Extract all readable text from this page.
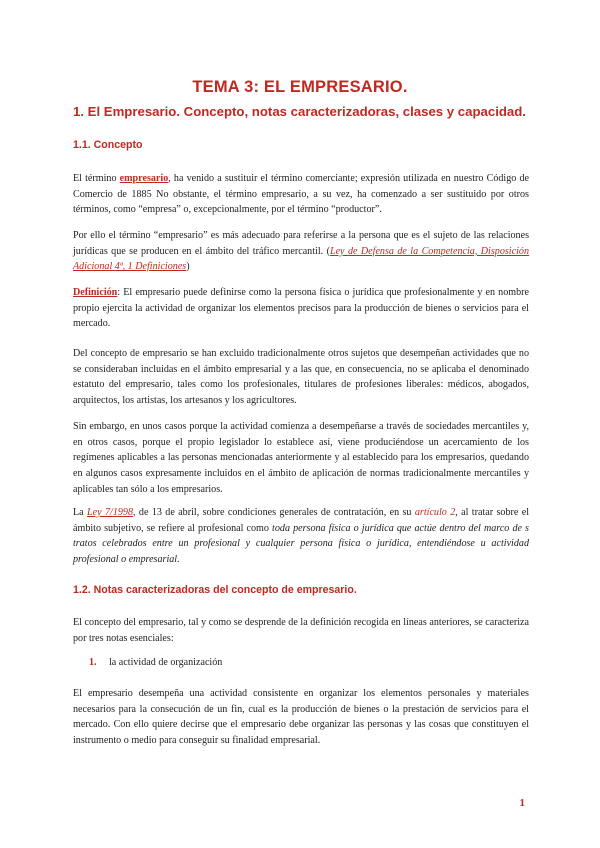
TEMA 3: EL EMPRESARIO.
1. El Empresario. Concepto, notas caracterizadoras, clases y capacidad.
1.1. Concepto
El término empresario, ha venido a sustituir el término comerciante; expresión utilizada en nuestro Código de Comercio de 1885 No obstante, el término empresario, a su vez, ha comenzado a ser sustituido por otros términos, como “empresa” o, excepcionalmente, por el término “productor”.
Por ello el término “empresario” es más adecuado para referirse a la persona que es el sujeto de las relaciones jurídicas que se producen en el ámbito del tráfico mercantil. (Ley de Defensa de la Competencia, Disposición Adicional 4ª, 1 Definiciones)
Definición: El empresario puede definirse como la persona física o jurídica que profesionalmente y en nombre propio ejercita la actividad de organizar los elementos precisos para la producción de bienes o servicios para el mercado.
Del concepto de empresario se han excluido tradicionalmente otros sujetos que desempeñan actividades que no se consideraban incluidas en el ámbito empresarial y a las que, en consecuencia, no se aplicaba el denominado estatuto del empresario, tales como los profesionales, titulares de profesiones liberales: médicos, abogados, arquitectos, los artistas, los artesanos y los agricultores.
Sin embargo, en unos casos porque la actividad comienza a desempeñarse a través de sociedades mercantiles y, en otros casos, porque el propio legislador lo establece así, viene produciéndose un acercamiento de los regímenes aplicables a las personas mencionadas anteriormente y al establecido para los empresarios, quedando en algunos casos expresamente incluidos en el ámbito de aplicación de normas tradicionalmente mercantiles y aplicables tan sólo a los empresarios.
La Ley 7/1998, de 13 de abril, sobre condiciones generales de contratación, en su artículo 2, al tratar sobre el ámbito subjetivo, se refiere al profesional como toda persona física o jurídica que actúe dentro del marco de s tratos celebrados entre un profesional y cualquier persona física o jurídica, entendiéndose u actividad profesional o empresarial.
1.2. Notas caracterizadoras del concepto de empresario.
El concepto del empresario, tal y como se desprende de la definición recogida en líneas anteriores, se caracteriza por tres notas esenciales:
1. la actividad de organización
El empresario desempeña una actividad consistente en organizar los elementos personales y materiales necesarios para la consecución de un fin, cual es la producción de bienes o la prestación de servicios para el mercado. Con ello quiere decirse que el empresario debe organizar las personas y las cosas que constituyen el instrumento o medio para conseguir su finalidad empresarial.
1
